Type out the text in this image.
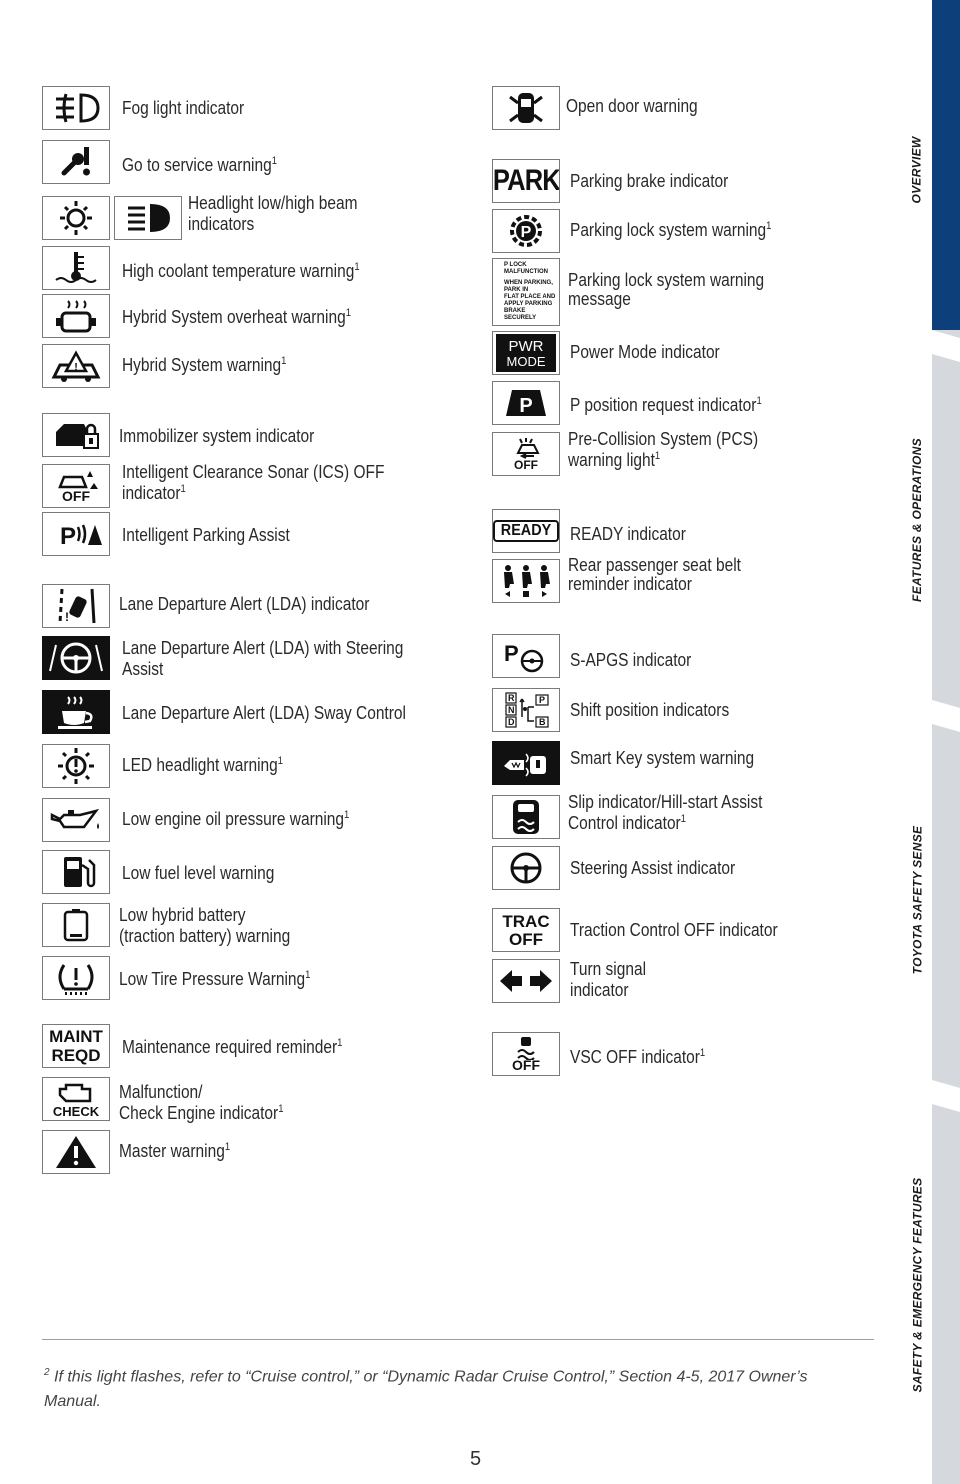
Fog light indicator
Go to service warning$^1$
Headlight low/high beam
indicators
High coolant temperature warning$^1$
Hybrid System overheat warning$^1$
! Hybrid System warning$^1$
Immobilizer system indicator
OFF
Intelligent Clearance Sonar (ICS) OFF
indicator$^1$
P	Intelligent Parking Assist
!
Lane Departure Alert (LDA) indicator
Lane Departure Alert (LDA) with Steering
Assist
Lane Departure Alert (LDA) Sway Control
LED headlight warning$^1$
Low engine oil pressure warning$^1$
Low fuel level warning
Low hybrid battery
(traction battery) warning
Low Tire Pressure Warning$^1$
MAINT
REQD Maintenance required reminder$^1$
CHECK
Malfunction/
Check Engine indicator$^1$
Master warning$^1$
Open door warning
PARK Parking brake indicator
P Parking lock system warning$^1$
P LOCK
MALFUNCTION
WHEN PARKING,
PARK IN
FLAT PLACE AND
APPLY PARKING
BRAKE SECURELY
Parking lock system warning
message
PWR
MODE Power Mode indicator
P P position request indicator$^1$
OFF
Pre-Collision System (PCS)
warning light$^1$
READY READY indicator
Rear passenger seat belt
reminder indicator
P	S-APGS indicator
R
N
D
P
B
Shift position indicators
Smart Key system warning
Slip indicator/Hill-start Assist
Control indicator$^1$
Steering Assist indicator
TRAC
OFF Traction Control OFF indicator
Turn signal
indicator
OFF VSC OFF indicator$^1$
$^2$ If this light flashes, refer to “Cruise control,” or “Dynamic Radar Cruise Control,” Section 4-5, 2017 Owner’s Manual.
5
OVERVIEW
FEATURES & OPERATIONS
TOYOTA SAFETY SENSE
SAFETY & EMERGENCY FEATURES
